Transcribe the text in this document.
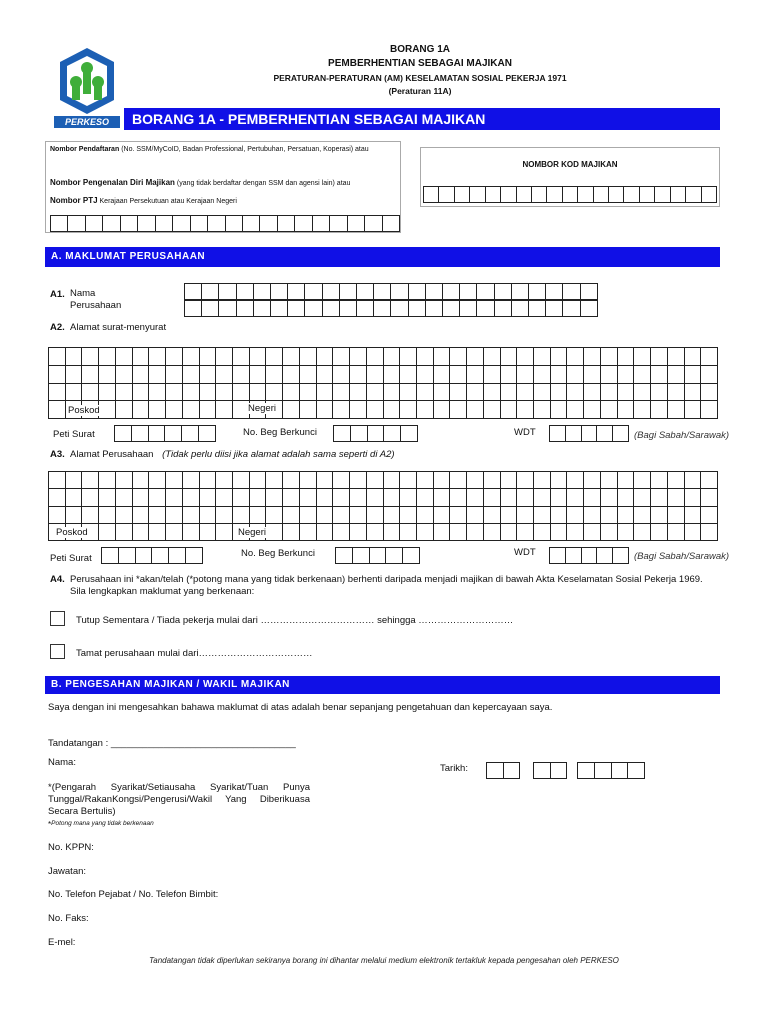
BORANG 1A
PEMBERHENTIAN SEBAGAI MAJIKAN
PERATURAN-PERATURAN (AM) KESELAMATAN SOSIAL PEKERJA 1971
(Peraturan 11A)
PERKESO	BORANG 1A - PEMBERHENTIAN SEBAGAI MAJIKAN
Nombor Pendaftaran (No. SSM/MyCoID, Badan Professional, Pertubuhan, Persatuan, Koperasi) atau
Nombor Pengenalan Diri Majikan (yang tidak berdaftar dengan SSM dan agensi lain) atau
Nombor PTJ Kerajaan Persekutuan atau Kerajaan Negeri
NOMBOR KOD MAJIKAN
A. MAKLUMAT PERUSAHAAN
A1. Nama Perusahaan
A2. Alamat surat-menyurat
Poskod	Negeri
Peti Surat	No. Beg Berkunci	WDT	(Bagi Sabah/Sarawak)
A3. Alamat Perusahaan (Tidak perlu diisi jika alamat adalah sama seperti di A2)
Poskod	Negeri
Peti Surat	No. Beg Berkunci	WDT	(Bagi Sabah/Sarawak)
A4. Perusahaan ini *akan/telah (*potong mana yang tidak berkenaan) berhenti daripada menjadi majikan di bawah Akta Keselamatan Sosial Pekerja 1969. Sila lengkapkan maklumat yang berkenaan:
Tutup Sementara / Tiada pekerja mulai dari ……………………………… sehingga …………………………
Tamat perusahaan mulai dari………………………………
B. PENGESAHAN MAJIKAN / WAKIL MAJIKAN
Saya dengan ini mengesahkan bahawa maklumat di atas adalah benar sepanjang pengetahuan dan kepercayaan saya.
Tandatangan : ___________________________________
Nama:
Tarikh:
*(Pengarah Syarikat/Setiausaha Syarikat/Tuan Punya Tunggal/RakanKongsi/Pengerusi/Wakil Yang Diberikuasa Secara Bertulis)
*Potong mana yang tidak berkenaan
No. KPPN:
Jawatan:
No. Telefon Pejabat / No. Telefon Bimbit:
No. Faks:
E-mel:
Tandatangan tidak diperlukan sekiranya borang ini dihantar melalui medium elektronik tertakluk kepada pengesahan oleh PERKESO
